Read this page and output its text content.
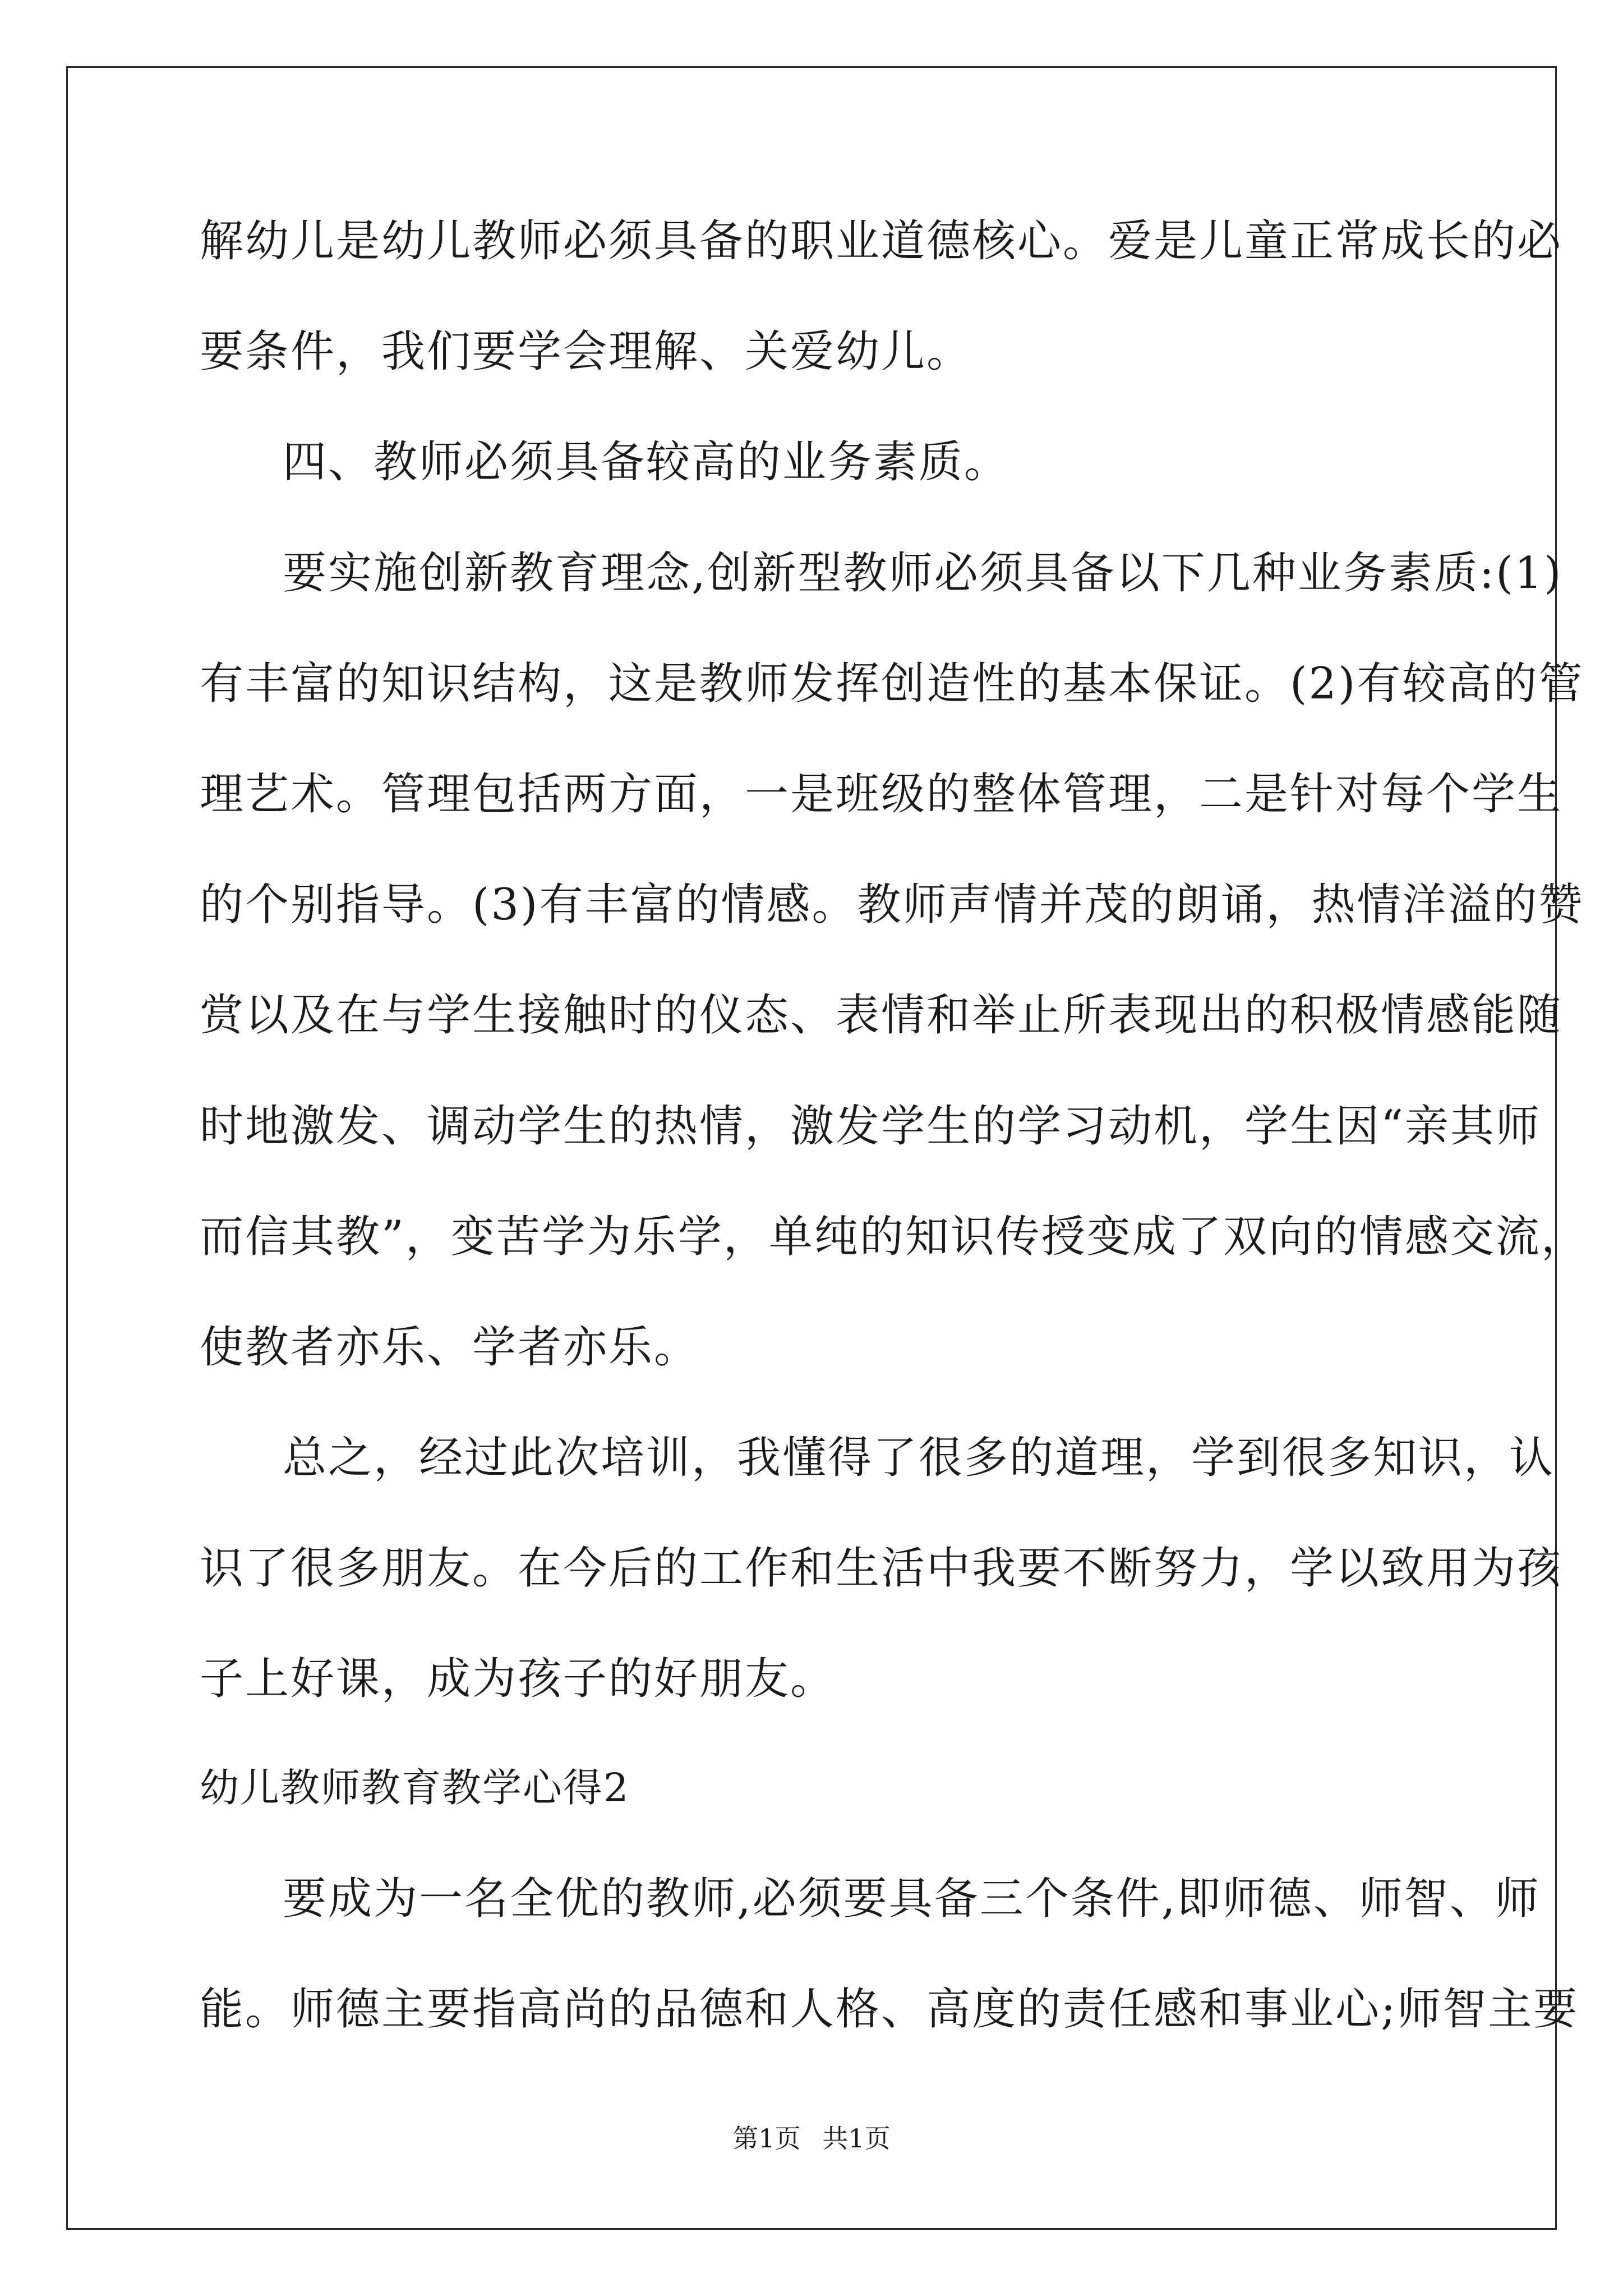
解幼儿是幼儿教师必须具备的职业道德核心。爱是儿童正常成长的必
要条件，我们要学会理解、关爱幼儿。
四、教师必须具备较高的业务素质。
要实施创新教育理念,创新型教师必须具备以下几种业务素质:(1)
有丰富的知识结构，这是教师发挥创造性的基本保证。(2)有较高的管
理艺术。管理包括两方面，一是班级的整体管理，二是针对每个学生
的个别指导。(3)有丰富的情感。教师声情并茂的朗诵，热情洋溢的赞
赏以及在与学生接触时的仪态、表情和举止所表现出的积极情感能随
时地激发、调动学生的热情，激发学生的学习动机，学生因“亲其师
而信其教”，变苦学为乐学，单纯的知识传授变成了双向的情感交流，
使教者亦乐、学者亦乐。
总之，经过此次培训，我懂得了很多的道理，学到很多知识，认
识了很多朋友。在今后的工作和生活中我要不断努力，学以致用为孩
子上好课，成为孩子的好朋友。
幼儿教师教育教学心得2
要成为一名全优的教师,必须要具备三个条件,即师德、师智、师
能。师德主要指高尚的品德和人格、高度的责任感和事业心;师智主要
第1页 共1页
